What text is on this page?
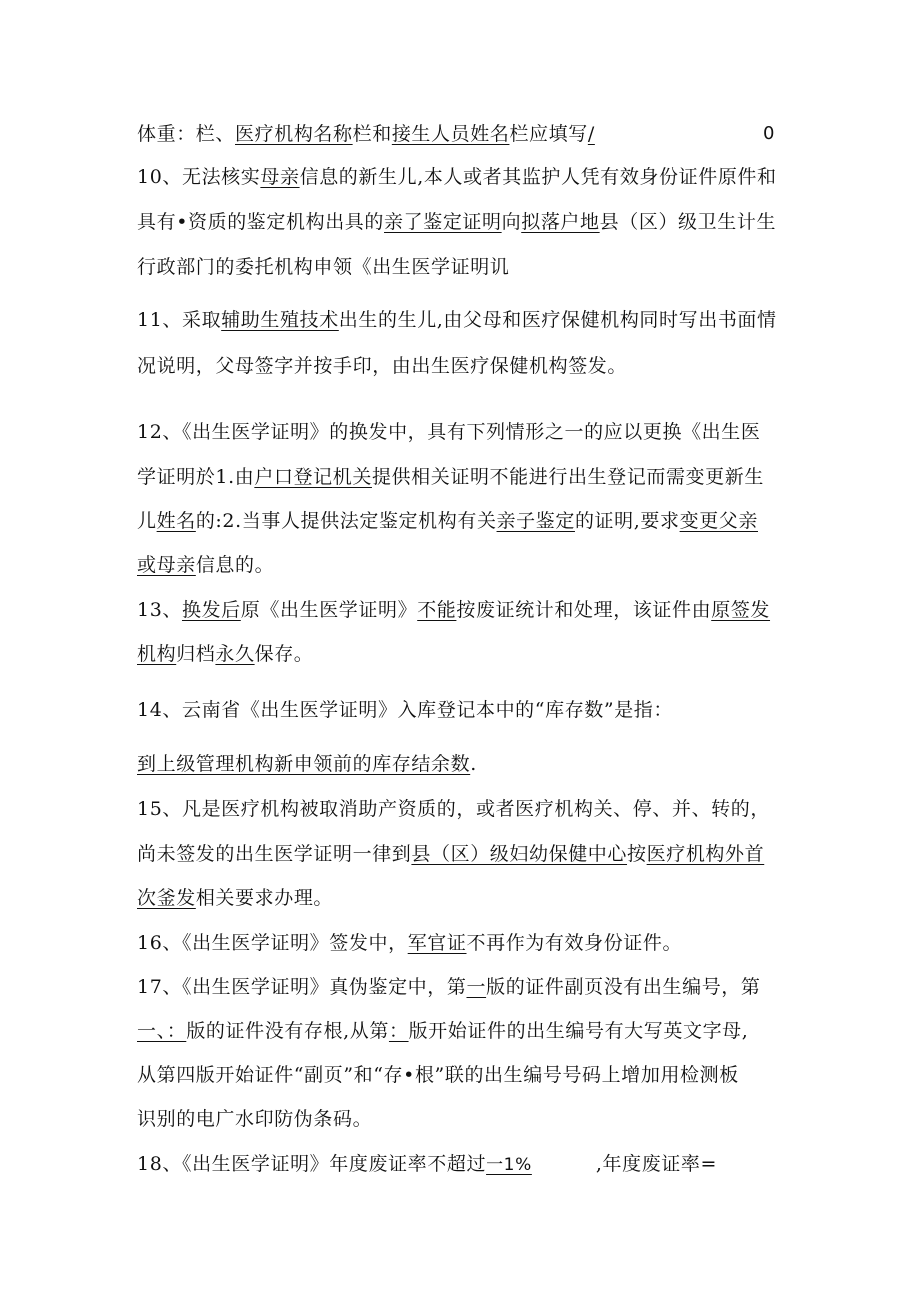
体重：栏、医疗机构名称栏和接生人员姓名栏应填写/	0
10、无法核实母亲信息的新生儿,本人或者其监护人凭有效身份证件原件和
具有•资质的鉴定机构出具的亲了鉴定证明向拟落户地县（区）级卫生计生
行政部门的委托机构申领《出生医学证明讥
11、采取辅助生殖技术出生的生儿,由父母和医疗保健机构同时写出书面情
况说明，父母签字并按手印，由出生医疗保健机构签发。
12、《出生医学证明》的换发中，具有下列情形之一的应以更换《出生医
学证明於1.由户口登记机关提供相关证明不能进行出生登记而需变更新生
儿姓名的:2.当事人提供法定鉴定机构有关亲子鉴定的证明,要求变更父亲
或母亲信息的。
13、换发后原《出生医学证明》不能按废证统计和处理，该证件由原签发
机构归档永久保存。
14、云南省《出生医学证明》入库登记本中的“库存数”是指：
到上级管理机构新申领前的库存结余数.
15、凡是医疗机构被取消助产资质的，或者医疗机构关、停、并、转的，
尚未签发的出生医学证明一律到县（区）级妇幼保健中心按医疗机构外首
次釜发相关要求办理。
16、《出生医学证明》签发中，军官证不再作为有效身份证件。
17、《出生医学证明》真伪鉴定中，第一版的证件副页没有出生编号，第
一、：版的证件没有存根,从第：版开始证件的出生编号有大写英文字母,
从第四版开始证件“副页”和“存•根”联的出生编号号码上增加用检测板
识别的电广水印防伪条码。
18、《出生医学证明》年度废证率不超过一1%	,年度废证率=
